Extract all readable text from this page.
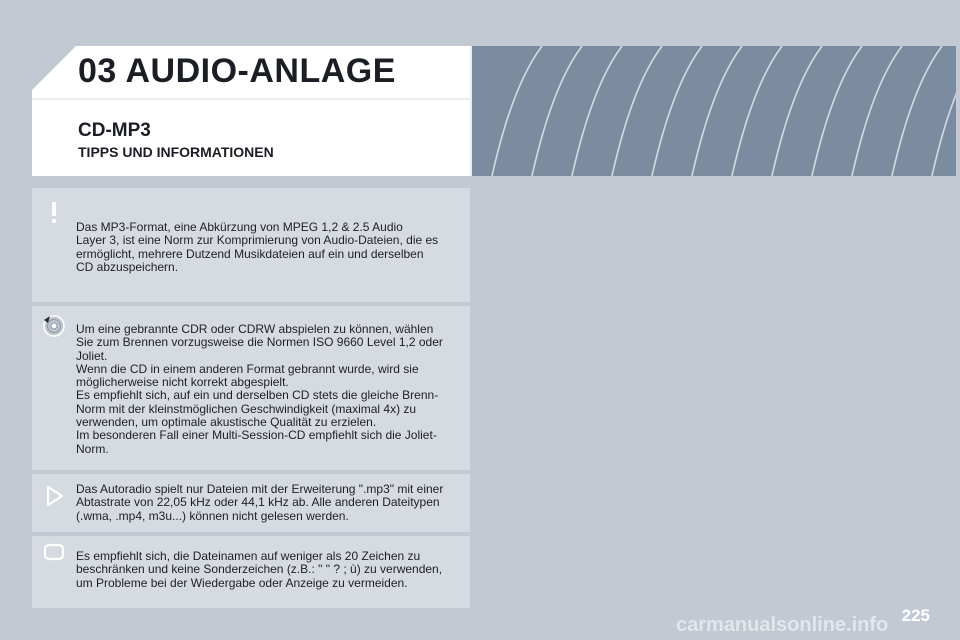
03 AUDIO-ANLAGE
CD-MP3
TIPPS UND INFORMATIONEN
Das MP3-Format, eine Abkürzung von MPEG 1,2 & 2.5 Audio
Layer 3, ist eine Norm zur Komprimierung von Audio-Dateien, die es
ermöglicht, mehrere Dutzend Musikdateien auf ein und derselben
CD abzuspeichern.
Um eine gebrannte CDR oder CDRW abspielen zu können, wählen
Sie zum Brennen vorzugsweise die Normen ISO 9660 Level 1,2 oder
Joliet.
Wenn die CD in einem anderen Format gebrannt wurde, wird sie
möglicherweise nicht korrekt abgespielt.
Es empfiehlt sich, auf ein und derselben CD stets die gleiche Brenn-
Norm mit der kleinstmöglichen Geschwindigkeit (maximal 4x) zu
verwenden, um optimale akustische Qualität zu erzielen.
Im besonderen Fall einer Multi-Session-CD empfiehlt sich die Joliet-
Norm.
Das Autoradio spielt nur Dateien mit der Erweiterung ".mp3" mit einer
Abtastrate von 22,05 kHz oder 44,1 kHz ab. Alle anderen Dateitypen
(.wma, .mp4, m3u...) können nicht gelesen werden.
Es empfiehlt sich, die Dateinamen auf weniger als 20 Zeichen zu
beschränken und keine Sonderzeichen (z.B.: " " ? ; ù) zu verwenden,
um Probleme bei der Wiedergabe oder Anzeige zu vermeiden.

225

carmanualsonline.info
